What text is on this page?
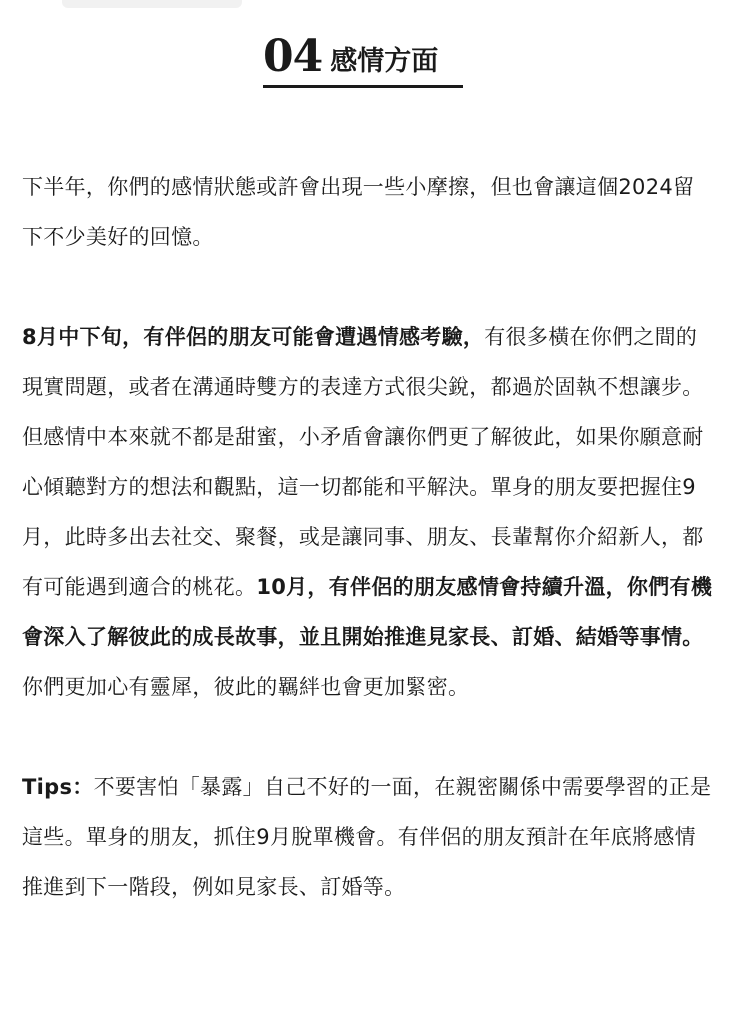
04 感情方面

下半年，你們的感情狀態或許會出現一些小摩擦，但也會讓這個2024留下不少美好的回憶。

8月中下旬，有伴侶的朋友可能會遭遇情感考驗，有很多橫在你們之間的現實問題，或者在溝通時雙方的表達方式很尖銳，都過於固執不想讓步。但感情中本來就不都是甜蜜，小矛盾會讓你們更了解彼此，如果你願意耐心傾聽對方的想法和觀點，這一切都能和平解決。單身的朋友要把握住9月，此時多出去社交、聚餐，或是讓同事、朋友、長輩幫你介紹新人，都有可能遇到適合的桃花。10月，有伴侶的朋友感情會持續升溫，你們有機會深入了解彼此的成長故事，並且開始推進見家長、訂婚、結婚等事情。你們更加心有靈犀，彼此的羈絆也會更加緊密。

Tips：不要害怕「暴露」自己不好的一面，在親密關係中需要學習的正是這些。單身的朋友，抓住9月脫單機會。有伴侶的朋友預計在年底將感情推進到下一階段，例如見家長、訂婚等。
